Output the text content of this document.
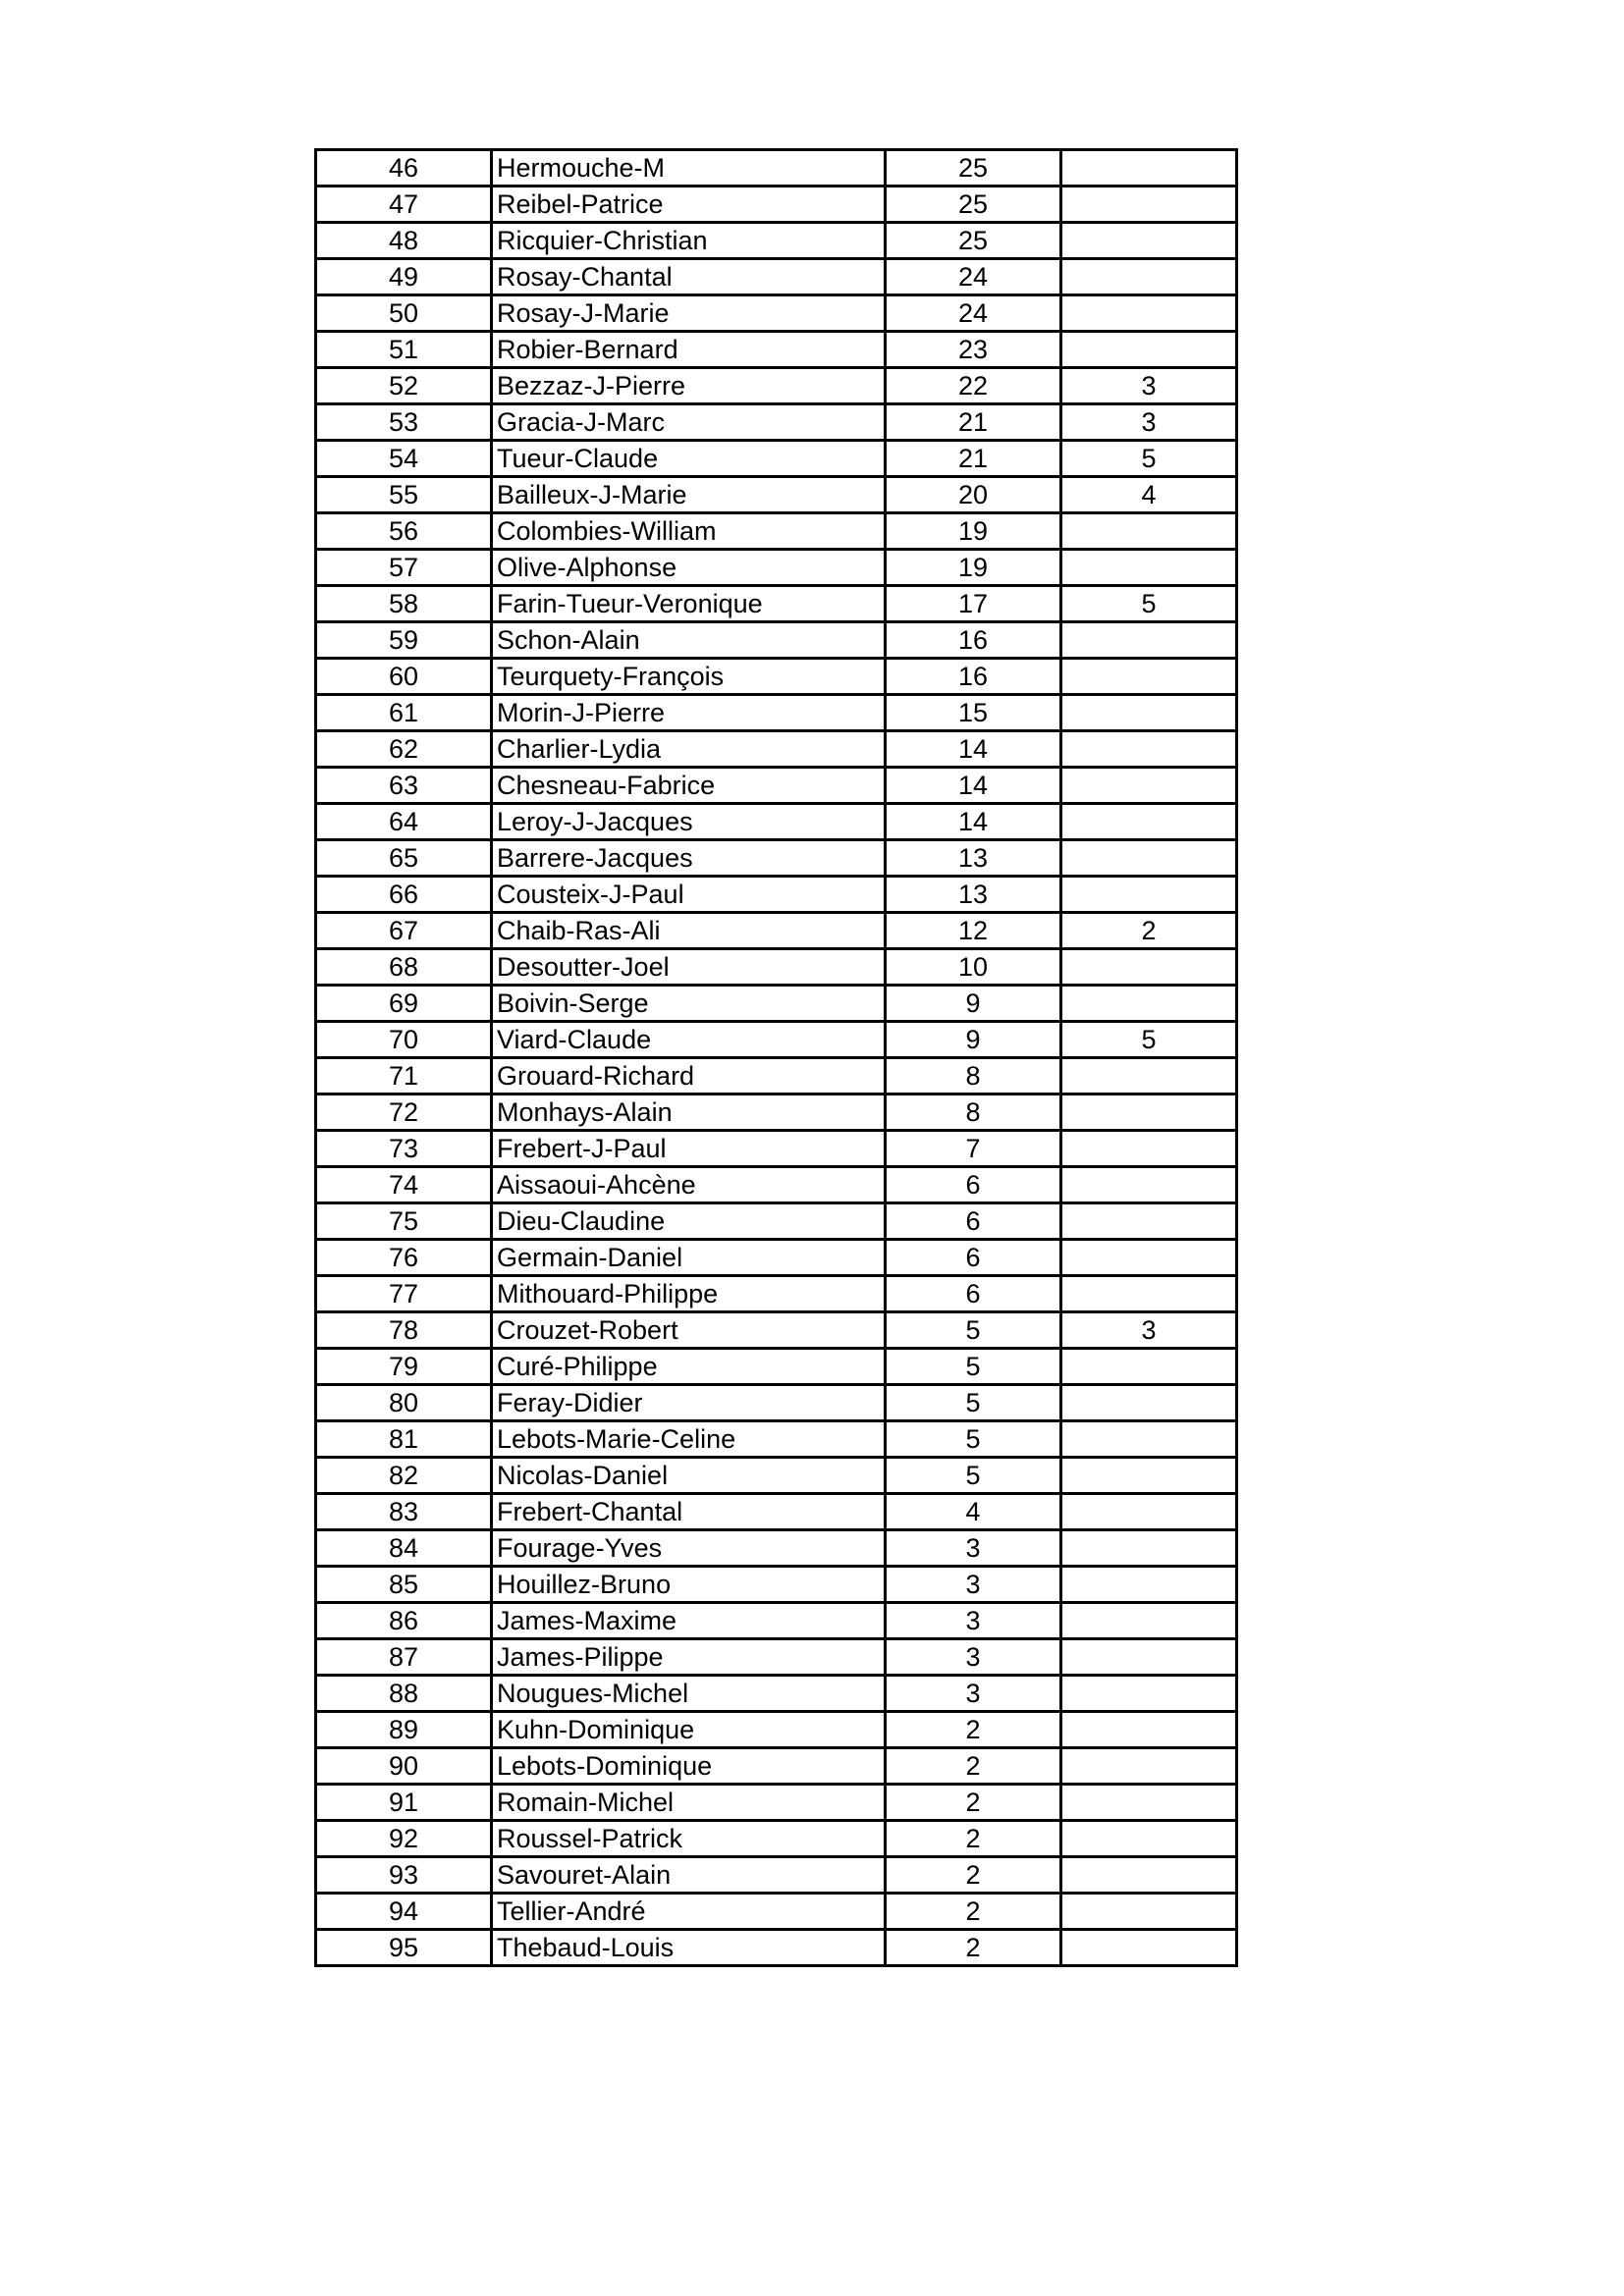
46	Hermouche-M	25	
47	Reibel-Patrice	25	
48	Ricquier-Christian	25	
49	Rosay-Chantal	24	
50	Rosay-J-Marie	24	
51	Robier-Bernard	23	
52	Bezzaz-J-Pierre	22	3
53	Gracia-J-Marc	21	3
54	Tueur-Claude	21	5
55	Bailleux-J-Marie	20	4
56	Colombies-William	19	
57	Olive-Alphonse	19	
58	Farin-Tueur-Veronique	17	5
59	Schon-Alain	16	
60	Teurquety-François	16	
61	Morin-J-Pierre	15	
62	Charlier-Lydia	14	
63	Chesneau-Fabrice	14	
64	Leroy-J-Jacques	14	
65	Barrere-Jacques	13	
66	Cousteix-J-Paul	13	
67	Chaib-Ras-Ali	12	2
68	Desoutter-Joel	10	
69	Boivin-Serge	9	
70	Viard-Claude	9	5
71	Grouard-Richard	8	
72	Monhays-Alain	8	
73	Frebert-J-Paul	7	
74	Aissaoui-Ahcène	6	
75	Dieu-Claudine	6	
76	Germain-Daniel	6	
77	Mithouard-Philippe	6	
78	Crouzet-Robert	5	3
79	Curé-Philippe	5	
80	Feray-Didier	5	
81	Lebots-Marie-Celine	5	
82	Nicolas-Daniel	5	
83	Frebert-Chantal	4	
84	Fourage-Yves	3	
85	Houillez-Bruno	3	
86	James-Maxime	3	
87	James-Pilippe	3	
88	Nougues-Michel	3	
89	Kuhn-Dominique	2	
90	Lebots-Dominique	2	
91	Romain-Michel	2	
92	Roussel-Patrick	2	
93	Savouret-Alain	2	
94	Tellier-André	2	
95	Thebaud-Louis	2	
